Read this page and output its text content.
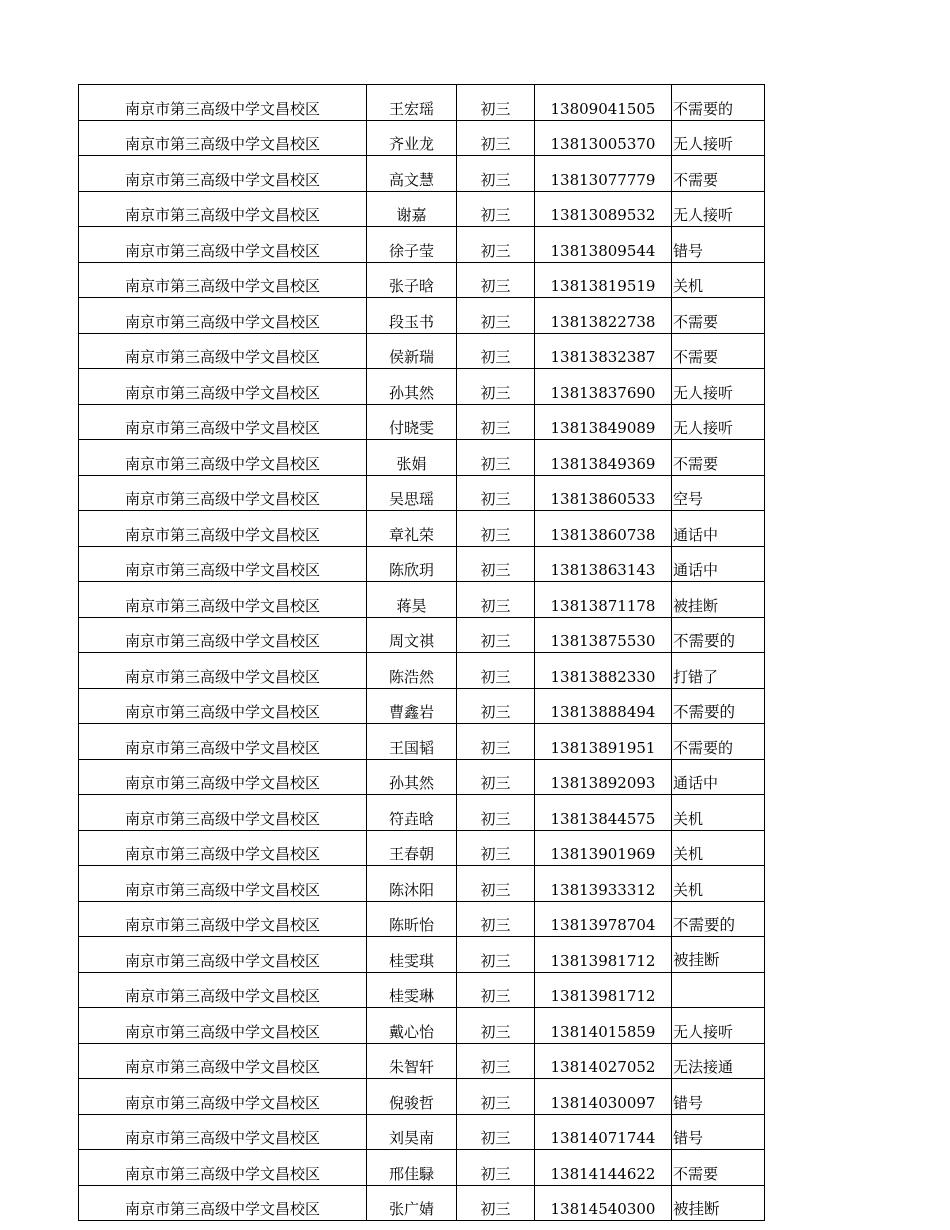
南京市第三高级中学文昌校区	王宏瑶	初三	13809041505	不需要的
南京市第三高级中学文昌校区	齐业龙	初三	13813005370	无人接听
南京市第三高级中学文昌校区	高文慧	初三	13813077779	不需要
南京市第三高级中学文昌校区	谢嘉	初三	13813089532	无人接听
南京市第三高级中学文昌校区	徐子莹	初三	13813809544	错号
南京市第三高级中学文昌校区	张子晗	初三	13813819519	关机
南京市第三高级中学文昌校区	段玉书	初三	13813822738	不需要
南京市第三高级中学文昌校区	侯新瑞	初三	13813832387	不需要
南京市第三高级中学文昌校区	孙其然	初三	13813837690	无人接听
南京市第三高级中学文昌校区	付晓雯	初三	13813849089	无人接听
南京市第三高级中学文昌校区	张娟	初三	13813849369	不需要
南京市第三高级中学文昌校区	吴思瑶	初三	13813860533	空号
南京市第三高级中学文昌校区	章礼荣	初三	13813860738	通话中
南京市第三高级中学文昌校区	陈欣玥	初三	13813863143	通话中
南京市第三高级中学文昌校区	蒋昊	初三	13813871178	被挂断
南京市第三高级中学文昌校区	周文祺	初三	13813875530	不需要的
南京市第三高级中学文昌校区	陈浩然	初三	13813882330	打错了
南京市第三高级中学文昌校区	曹鑫岩	初三	13813888494	不需要的
南京市第三高级中学文昌校区	王国韬	初三	13813891951	不需要的
南京市第三高级中学文昌校区	孙其然	初三	13813892093	通话中
南京市第三高级中学文昌校区	符垚晗	初三	13813844575	关机
南京市第三高级中学文昌校区	王春朝	初三	13813901969	关机
南京市第三高级中学文昌校区	陈沐阳	初三	13813933312	关机
南京市第三高级中学文昌校区	陈昕怡	初三	13813978704	不需要的
南京市第三高级中学文昌校区	桂雯琪	初三	13813981712	被挂断
南京市第三高级中学文昌校区	桂雯琳	初三	13813981712	
南京市第三高级中学文昌校区	戴心怡	初三	13814015859	无人接听
南京市第三高级中学文昌校区	朱智轩	初三	13814027052	无法接通
南京市第三高级中学文昌校区	倪骏哲	初三	13814030097	错号
南京市第三高级中学文昌校区	刘昊南	初三	13814071744	错号
南京市第三高级中学文昌校区	邢佳騄	初三	13814144622	不需要
南京市第三高级中学文昌校区	张广婧	初三	13814540300	被挂断
